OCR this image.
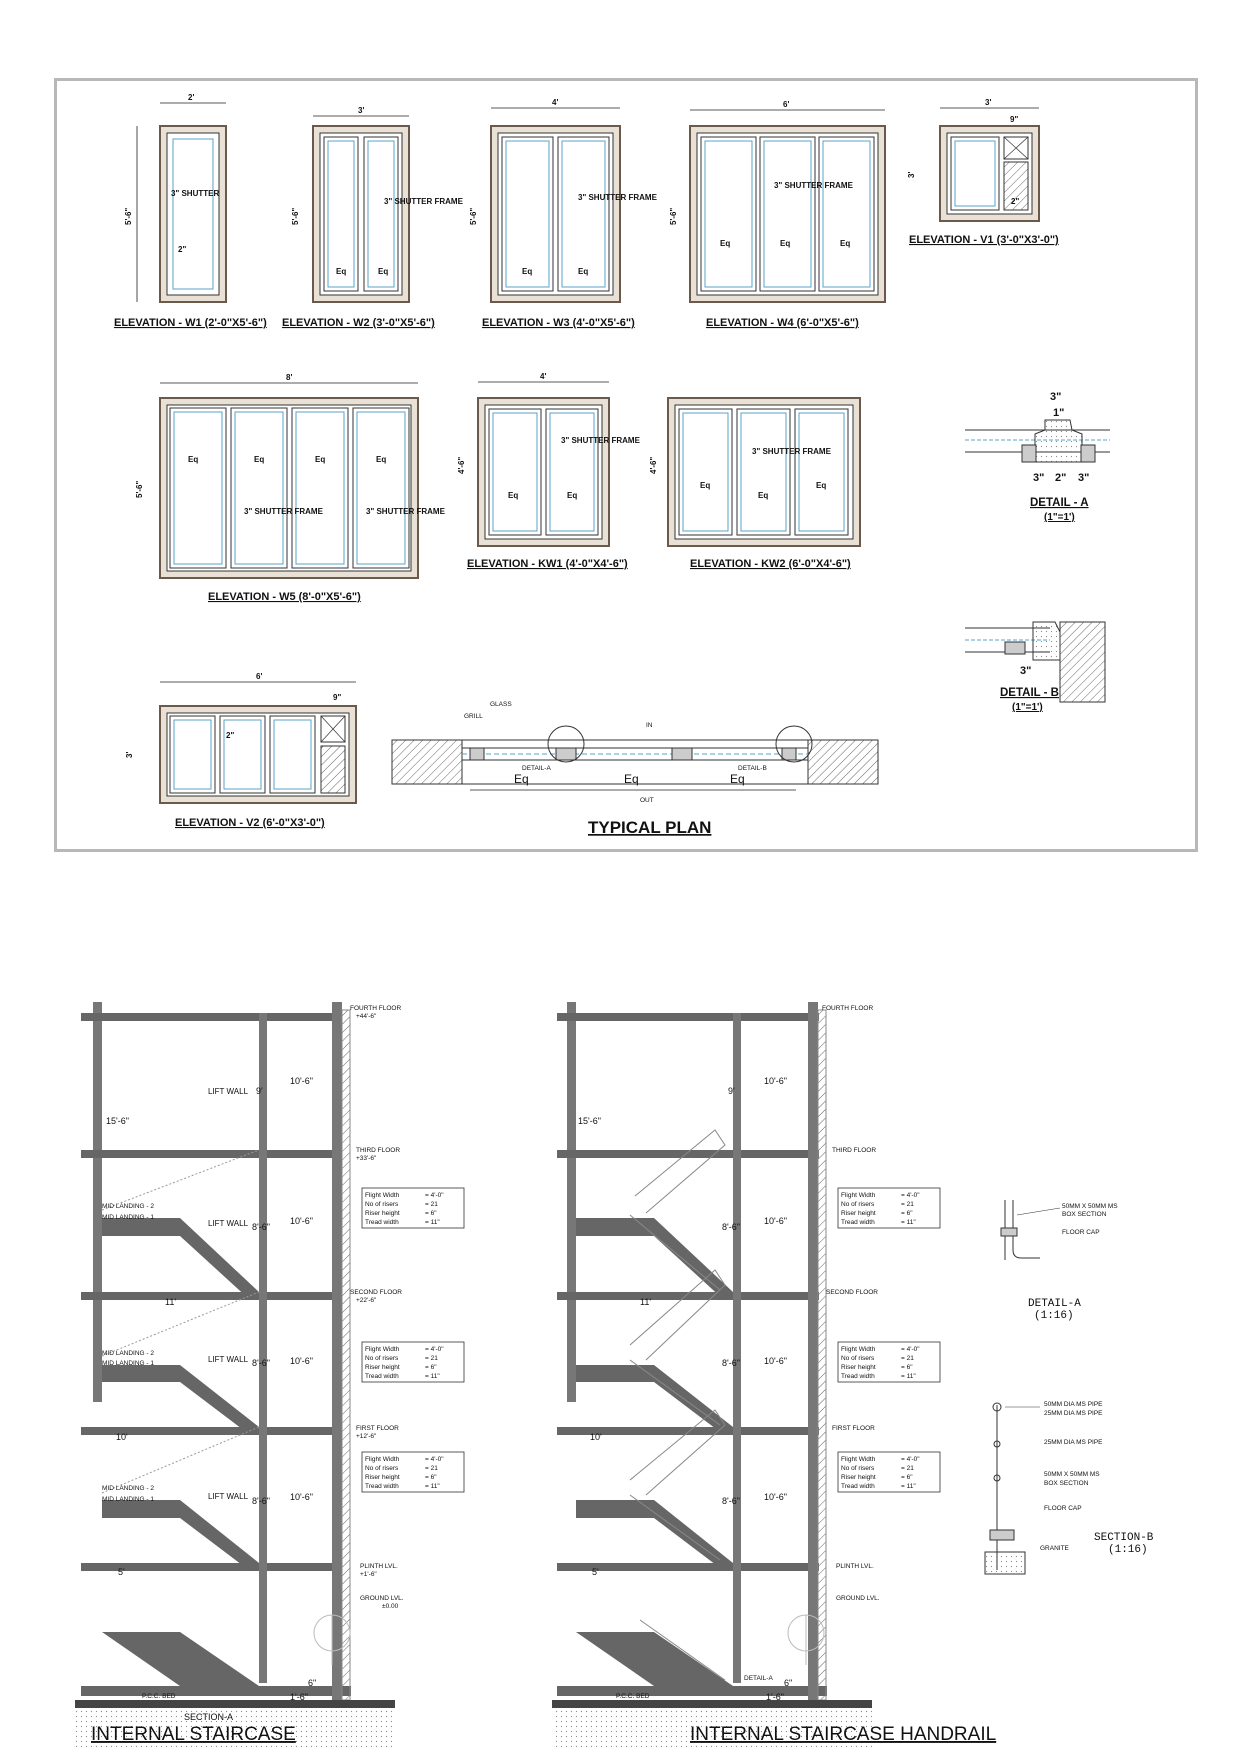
2'
5'-6"
3" SHUTTER
2"
ELEVATION - W1 (2'-0"X5'-6")
3'
5'-6"
3" SHUTTER FRAME
Eq	Eq
ELEVATION - W2 (3'-0"X5'-6")
4'
5'-6"
3" SHUTTER FRAME
Eq	Eq
ELEVATION - W3 (4'-0"X5'-6")
6'
5'-6"
3" SHUTTER FRAME
Eq	Eq	Eq
ELEVATION - W4 (6'-0"X5'-6")
3'
9"
3'
2"
ELEVATION - V1 (3'-0"X3'-0")
8'
5'-6"
Eq	Eq	Eq	Eq
3" SHUTTER FRAME	3" SHUTTER FRAME
ELEVATION - W5 (8'-0"X5'-6")
4'
4'-6"
3" SHUTTER FRAME
Eq	Eq
ELEVATION - KW1 (4'-0"X4'-6")
4'-6"
3" SHUTTER FRAME
Eq
Eq
Eq
ELEVATION - KW2 (6'-0"X4'-6")
3"
1"
3" 2" 3"
DETAIL - A
(1"=1')
3"
DETAIL - B
(1"=1')
6'
9"
3'
2"
ELEVATION - V2 (6'-0"X3'-0")
GLASS
GRILL
IN
DETAIL-A	DETAIL-B
Eq	Eq	Eq
OUT
TYPICAL PLAN
FOURTH FLOOR
+44'-6"
THIRD FLOOR
+33'-6"
SECOND FLOOR
+22'-6"
FIRST FLOOR
+12'-6"
PLINTH LVL.
+1'-6"
GROUND LVL.
±0.00
LIFT WALL
LIFT WALL
LIFT WALL
LIFT WALL
10'-6"
10'-6"
10'-6"
10'-6"
9'
8'-6"
8'-6"
8'-6"
15'-6"
11'
10'
5'
P.C.C. BED	1'-6"
6"
MID LANDING - 2
MID LANDING - 1
MID LANDING - 2
MID LANDING - 1
MID LANDING - 2
MID LANDING - 1
Flight Width	= 4'-0"
No of risers	= 21
Riser height	= 6"
Tread width	= 11"
Flight Width	= 4'-0"
No of risers	= 21
Riser height	= 6"
Tread width	= 11"
Flight Width	= 4'-0"
No of risers	= 21
Riser height	= 6"
Tread width	= 11"
SECTION-A
INTERNAL STAIRCASE
FOURTH FLOOR
THIRD FLOOR
SECOND FLOOR
FIRST FLOOR
PLINTH LVL.
GROUND LVL.
10'-6"
10'-6"
10'-6"
10'-6"
9'
8'-6"
8'-6"
8'-6"
15'-6"
11'
10'
5'
P.C.C. BED	1'-6"
6"
DETAIL-A
Flight Width	= 4'-0"
No of risers	= 21
Riser height	= 6"
Tread width	= 11"
Flight Width	= 4'-0"
No of risers	= 21
Riser height	= 6"
Tread width	= 11"
Flight Width	= 4'-0"
No of risers	= 21
Riser height	= 6"
Tread width	= 11"
INTERNAL STAIRCASE HANDRAIL
50MM X 50MM MS
BOX SECTION
FLOOR CAP
DETAIL-A
(1:16)
50MM DIA MS PIPE
25MM DIA MS PIPE
25MM DIA MS PIPE
50MM X 50MM MS
BOX SECTION
FLOOR CAP
GRANITE
SECTION-B
(1:16)
